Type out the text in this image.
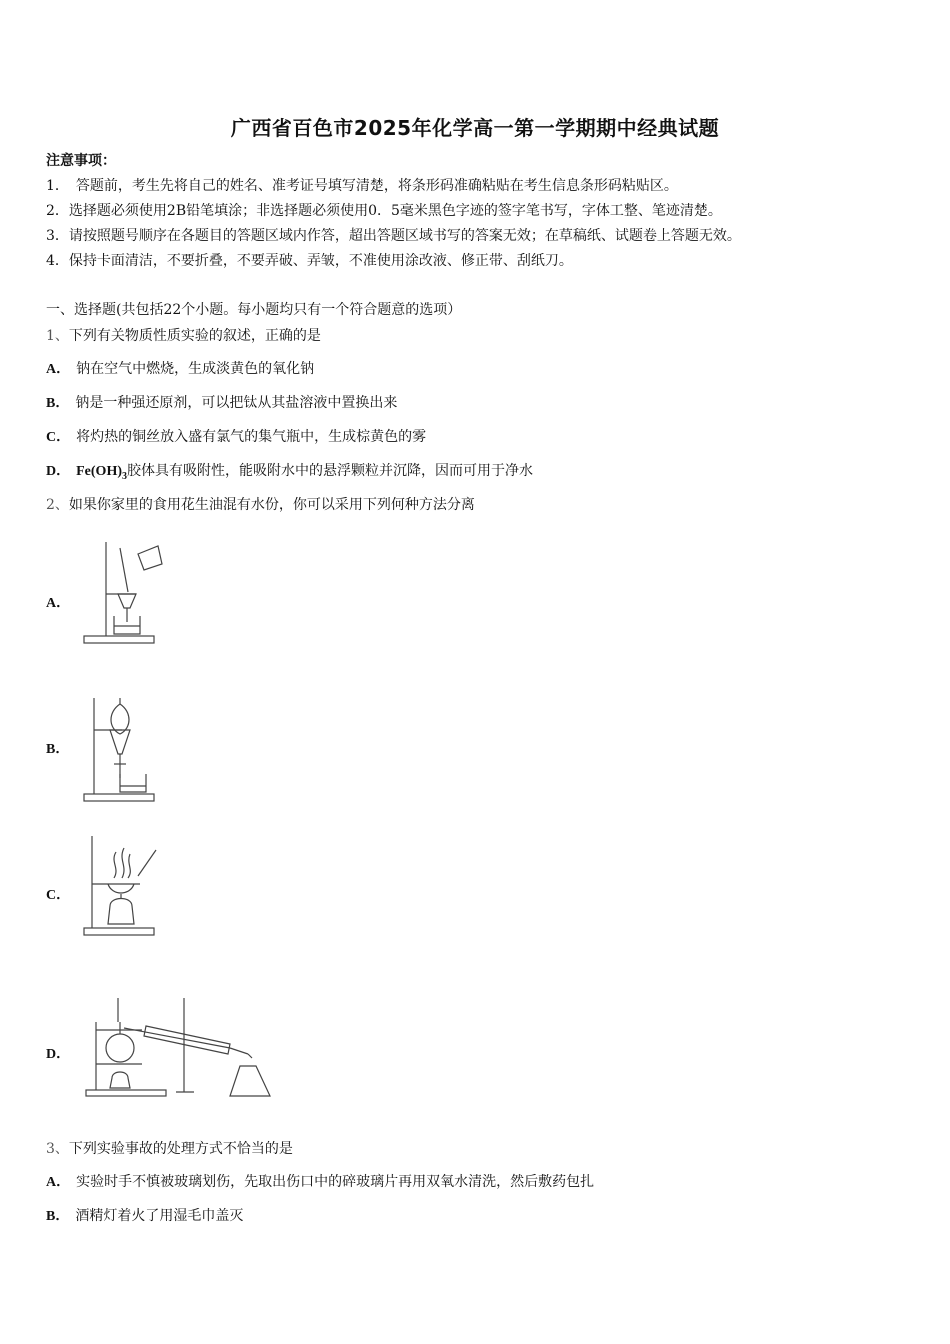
广西省百色市2025年化学高一第一学期期中经典试题
注意事项：
1．　答题前，考生先将自己的姓名、准考证号填写清楚，将条形码准确粘贴在考生信息条形码粘贴区。
2．选择题必须使用2B铅笔填涂；非选择题必须使用0．5毫米黑色字迹的签字笔书写，字体工整、笔迹清楚。
3．请按照题号顺序在各题目的答题区域内作答，超出答题区域书写的答案无效；在草稿纸、试题卷上答题无效。
4．保持卡面清洁，不要折叠，不要弄破、弄皱，不准使用涂改液、修正带、刮纸刀。
一、选择题(共包括22个小题。每小题均只有一个符合题意的选项）
1、下列有关物质性质实验的叙述，正确的是
A． 钠在空气中燃烧，生成淡黄色的氧化钠
B． 钠是一种强还原剂，可以把钛从其盐溶液中置换出来
C． 将灼热的铜丝放入盛有氯气的集气瓶中，生成棕黄色的雾
D． $Fe(OH)_3$胶体具有吸附性，能吸附水中的悬浮颗粒并沉降，因而可用于净水
2、如果你家里的食用花生油混有水份，你可以采用下列何种方法分离
A．
B．
C．
D．
3、下列实验事故的处理方式不恰当的是
A． 实验时手不慎被玻璃划伤，先取出伤口中的碎玻璃片再用双氧水清洗，然后敷药包扎
B． 酒精灯着火了用湿毛巾盖灭
